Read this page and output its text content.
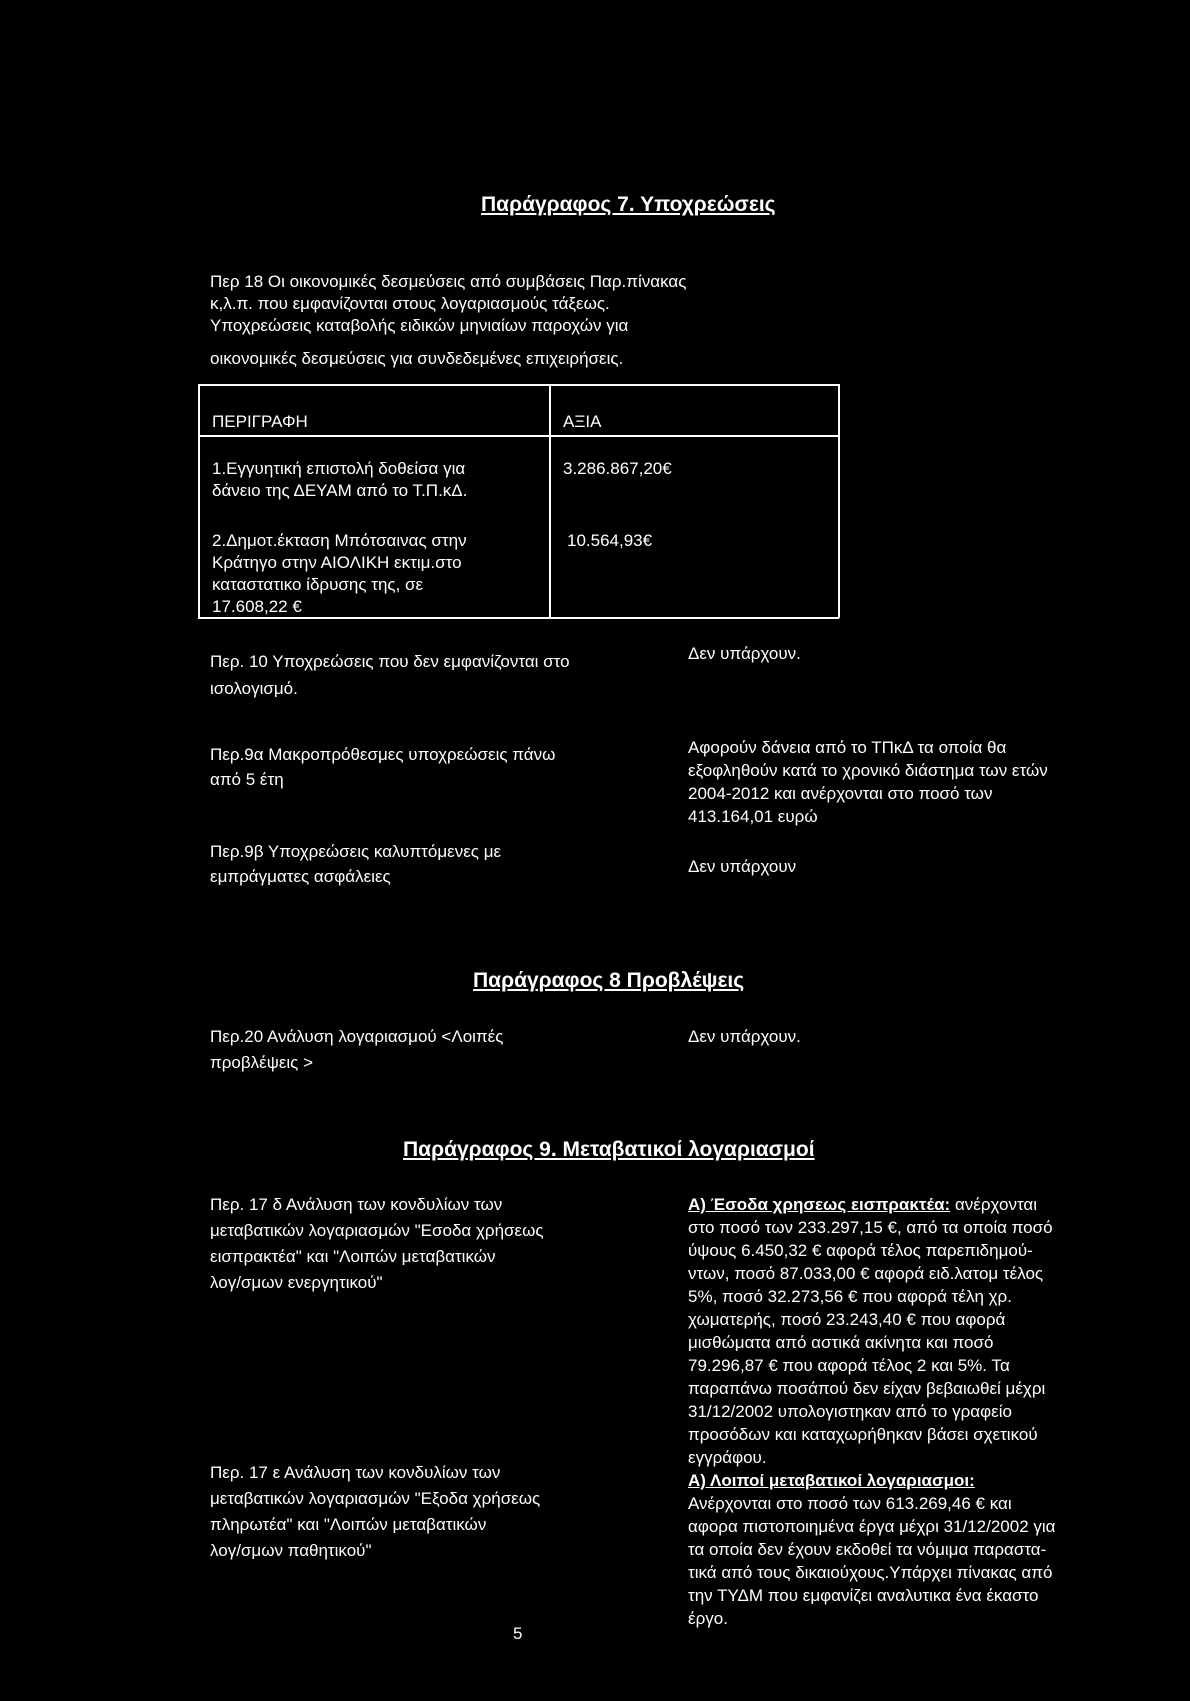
Παράγραφος 7. Υποχρεώσεις
Περ 18 Οι οικονομικές δεσμεύσεις από συμβάσεις Παρ.πίνακας
κ,λ.π. που εμφανίζονται στους λογαριασμούς τάξεως.
Υποχρεώσεις καταβολής ειδικών μηνιαίων παροχών για
οικονομικές δεσμεύσεις για συνδεδεμένες επιχειρήσεις.
ΠΕΡΙΓΡΑΦΗ	ΑΞΙΑ
1.Εγγυητική επιστολή δοθείσα για
δάνειο της ΔΕΥΑΜ από το Τ.Π.κΔ.
3.286.867,20€
2.Δημοτ.έκταση Μπότσαινας στην
Κράτηγο στην ΑΙΟΛΙΚΗ εκτιμ.στο
καταστατικο ίδρυσης της, σε
17.608,22 €
10.564,93€
Περ. 10 Υποχρεώσεις που δεν εμφανίζονται στο
ισολογισμό.
Δεν υπάρχουν.
Περ.9α Μακροπρόθεσμες υποχρεώσεις πάνω
από 5 έτη
Αφορούν δάνεια από το ΤΠκΔ τα οποία θα
εξοφληθούν κατά το χρονικό διάστημα των ετών
2004-2012 και ανέρχονται στο ποσό των
413.164,01 ευρώ
Περ.9β Υποχρεώσεις καλυπτόμενες με
εμπράγματες ασφάλειες
Δεν υπάρχουν
Παράγραφος 8 Προβλέψεις
Περ.20 Ανάλυση λογαριασμού <Λοιπές
προβλέψεις >
Δεν υπάρχουν.
Παράγραφος 9. Μεταβατικοί λογαριασμοί
Περ. 17 δ Ανάλυση των κονδυλίων των
μεταβατικών λογαριασμών "Εσοδα χρήσεως
εισπρακτέα" και "Λοιπών μεταβατικών
λογ/σμων ενεργητικού"
Περ. 17 ε Ανάλυση των κονδυλίων των
μεταβατικών λογαριασμών "Εξοδα χρήσεως
πληρωτέα" και "Λοιπών μεταβατικών
λογ/σμων παθητικού"
Α) Έσοδα χρησεως εισπρακτέα: ανέρχονται
στο ποσό των 233.297,15 €, από τα οποία ποσό
ύψους 6.450,32 € αφορά τέλος παρεπιδημού-
ντων, ποσό 87.033,00 € αφορά ειδ.λατομ τέλος
5%, ποσό 32.273,56 € που αφορά τέλη χρ.
χωματερής, ποσό 23.243,40 € που αφορά
μισθώματα από αστικά ακίνητα και ποσό
79.296,87 € που αφορά τέλος 2 και 5%. Τα
παραπάνω ποσάπού δεν είχαν βεβαιωθεί μέχρι
31/12/2002 υπολογιστηκαν από το γραφείο
προσόδων και καταχωρήθηκαν βάσει σχετικού
εγγράφου.
Α) Λοιποί μεταβατικοί λογαριασμοι:
Ανέρχονται στο ποσό των 613.269,46 € και
αφορα πιστοποιημένα έργα μέχρι 31/12/2002 για
τα οποία δεν έχουν εκδοθεί τα νόμιμα παραστα-
τικά από τους δικαιούχους.Υπάρχει πίνακας από
την ΤΥΔΜ που εμφανίζει αναλυτικα ένα έκαστο
έργο.
5
